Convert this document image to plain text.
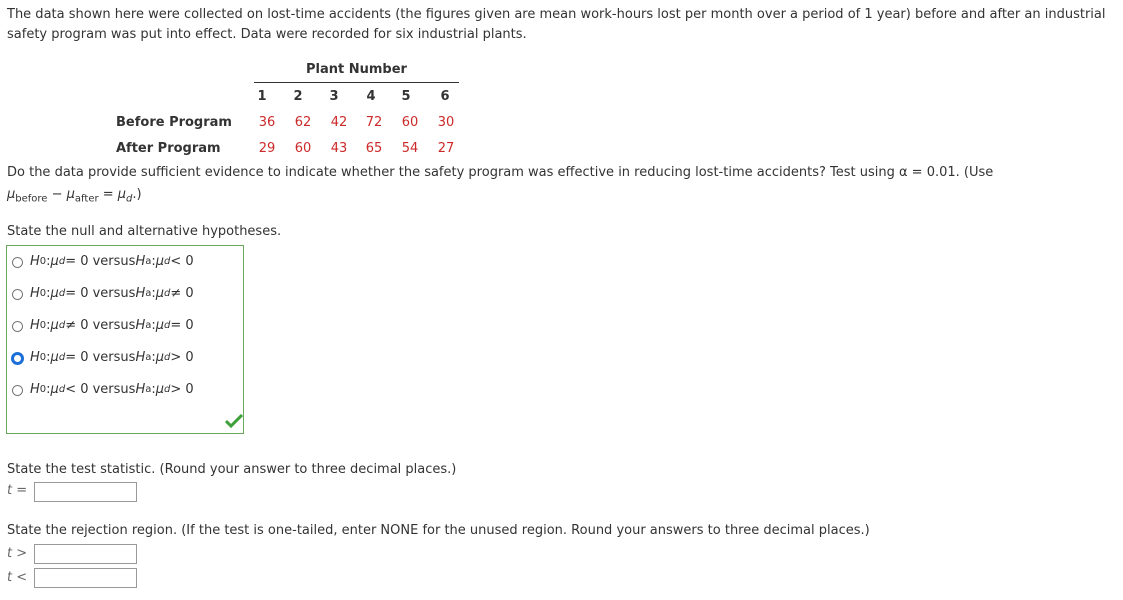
The data shown here were collected on lost-time accidents (the figures given are mean work-hours lost per month over a period of 1 year) before and after an industrial safety program was put into effect. Data were recorded for six industrial plants.
Plant Number
1	2	3	4	5	6
Before Program	36	62	42	72	60	30
After Program	29	60	43	65	54	27
Do the data provide sufficient evidence to indicate whether the safety program was effective in reducing lost-time accidents? Test using α = 0.01. (Use
$\mu_{before} - \mu_{after} = \mu_d$.)
State the null and alternative hypotheses.
H 0 : μ d = 0 versus H a : μ d < 0
H 0 : μ d = 0 versus H a : μ d ≠ 0
H 0 : μ d ≠ 0 versus H a : μ d = 0
H 0 : μ d = 0 versus H a : μ d > 0
H 0 : μ d < 0 versus H a : μ d > 0
State the test statistic. (Round your answer to three decimal places.)
t =
State the rejection region. (If the test is one-tailed, enter NONE for the unused region. Round your answers to three decimal places.)
t >
t <
